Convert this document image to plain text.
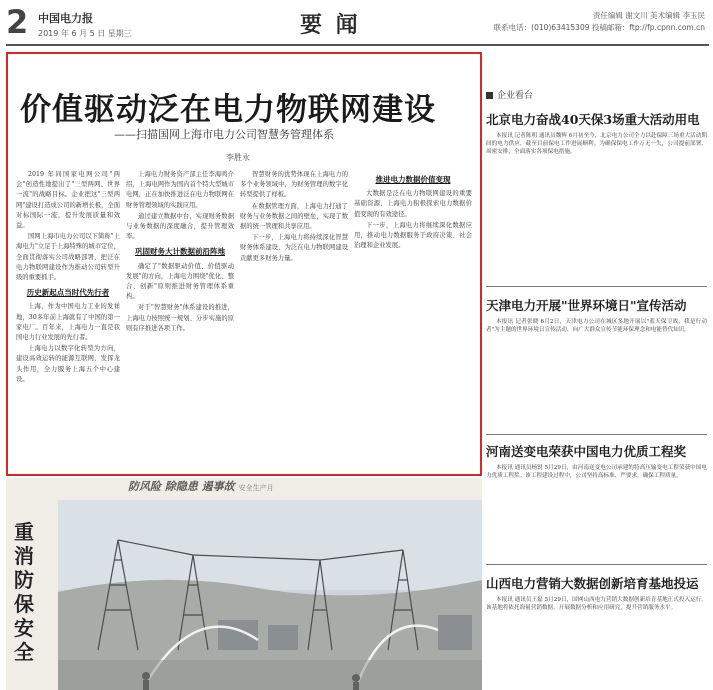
2 中国电力报
2019 年 6 月 5 日 星期三	要 闻	责任编辑 谢文川 美术编辑 李玉民
联系电话：(010)63415309 投稿邮箱：ftp://fp.cpnn.com.cn
价值驱动泛在电力物联网建设
——扫描国网上海市电力公司智慧务管理体系
李胜永

2019 年同国家电网公司"两会"创造性地提出了"三型两网、世界一流"的战略目标。企业把这"三型两网"建设打造成公司的新增长极，全面对标国际一流，提升发展质量和效益。

国网上海市电力公司以下简称"上海电力"立足于上海特殊的城市定位，全面贯彻落实公司战略部署，把泛在电力物联网建设作为推动公司转型升级的重要抓手。

历史新起点当时代先行者

上海，作为中国电力工业的发祥地，30多年前上海就有了中国的第一家电厂。百年来，上海电力一直是我国电力行业发展的先行者。

上海电力以数字化转型为方向，建设高效运转的能源互联网，发挥龙头作用，全力服务上海五个中心建设。

上海电力财务资产部主任李海鸣介绍，上海电网作为国内首个特大型城市电网，正在加快推进泛在电力物联网在财务管理领域的实践应用。

通过建立数据中台，实现财务数据与业务数据的深度融合，提升管理效率。

巩固财务大计数据前沿阵地

确定了"数据驱动价值、价值驱动发展"的方向，上海电力围绕"优化、整合、创新"原则推进财务管理体系重构。

对于"智慧财务"体系建设的推进，上海电力按照统一规划、分步实施的原则有序推进各项工作。

智慧财务的优势体现在上海电力的多个业务领域中，为财务管理的数字化转型提供了样板。

在数据管理方面，上海电力打通了财务与业务数据之间的壁垒，实现了数据的统一管理和共享应用。

下一步，上海电力将持续深化智慧财务体系建设，为泛在电力物联网建设贡献更多财务力量。

推进电力数据价值变现

大数据是泛在电力物联网建设的重要基础资源，上海电力积极探索电力数据价值变现的有效途径。

下一步，上海电力将继续深化数据应用，推动电力数据服务于政府决策、社会治理和企业发展。

防风险 除隐患 遏事故 安全生产月
重消防 保安全
企业看台
北京电力奋战40天保3场重大活动用电

本报讯 记者陈明 通讯员魏辉 6月初至今，北京电力公司全力以赴保障三场重大活动期间的电力供应，截至目前保电工作进展顺利。为确保保电工作万无一失，公司提前部署、周密安排，全面落实各项保电措施。

天津电力开展"世界环境日"宣传活动

本报讯 记者张晓 6月2日，天津电力公司在城区多地开展以"蓝天保卫战，我是行动者"为主题的世界环境日宣传活动，向广大群众宣传节能环保理念和电能替代知识。

河南送变电荣获中国电力优质工程奖

本报讯 通讯员杨锐 5月29日，由河南送变电公司承建的特高压输变电工程荣获中国电力优质工程奖。该工程建设过程中，公司坚持高标准、严要求，确保工程质量。

山西电力营销大数据创新培育基地投运

本报讯 通讯员王磊 5月29日，国网山西电力营销大数据创新培育基地正式投入运行。该基地将依托海量营销数据，开展数据分析和应用研究，提升营销服务水平。
